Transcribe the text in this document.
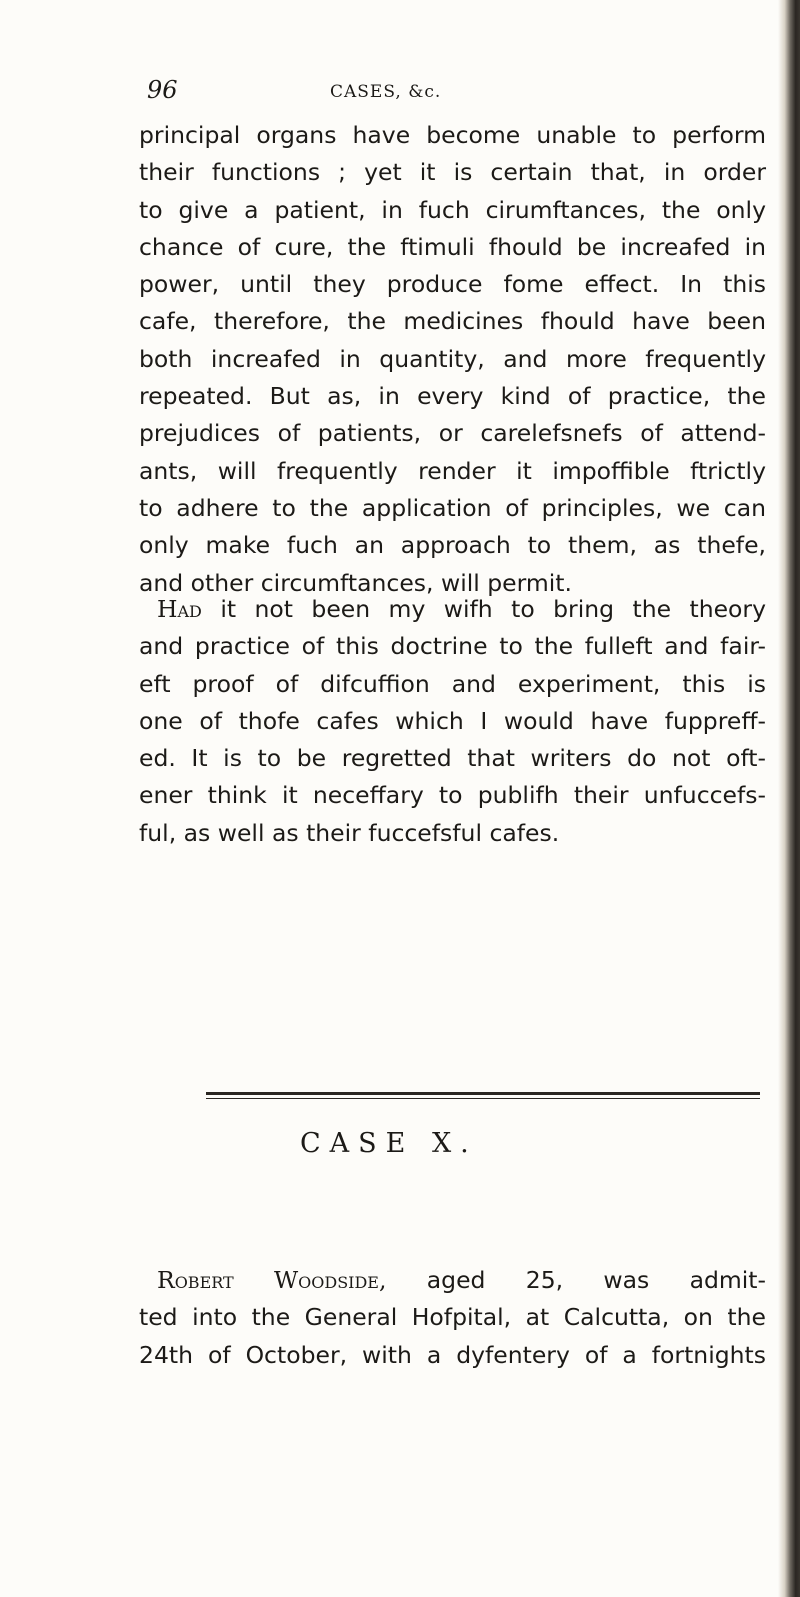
96	CASES, &c.
principal organs have become unable to perform
their functions ; yet it is certain that, in order
to give a patient, in fuch cirumftances, the only
chance of cure, the ftimuli fhould be increafed in
power, until they produce fome effect. In this
cafe, therefore, the medicines fhould have been
both increafed in quantity, and more frequently
repeated. But as, in every kind of practice, the
prejudices of patients, or carelefsnefs of attend-
ants, will frequently render it impoffible ftrictly
to adhere to the application of principles, we can
only make fuch an approach to them, as thefe,
and other circumftances, will permit.
Had it not been my wifh to bring the theory
and practice of this doctrine to the fulleft and fair-
eft proof of difcuffion and experiment, this is
one of thofe cafes which I would have fuppreff-
ed. It is to be regretted that writers do not oft-
ener think it neceffary to publifh their unfuccefs-
ful, as well as their fuccefsful cafes.
CASE X.
Robert Woodside, aged 25, was admit-
ted into the General Hofpital, at Calcutta, on the
24th of October, with a dyfentery of a fortnights
